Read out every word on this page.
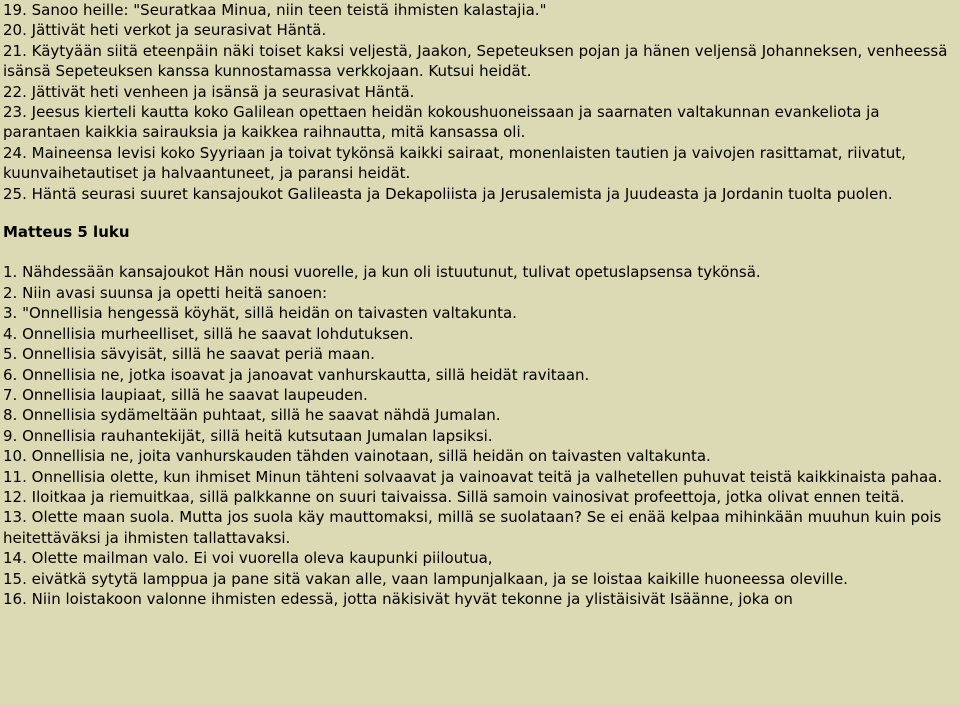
19. Sanoo heille: "Seuratkaa Minua, niin teen teistä ihmisten kalastajia."

20. Jättivät heti verkot ja seurasivat Häntä.

21. Käytyään siitä eteenpäin näki toiset kaksi veljestä, Jaakon, Sepeteuksen pojan ja hänen veljensä Johanneksen, venheessä isänsä Sepeteuksen kanssa kunnostamassa verkkojaan. Kutsui heidät.

22. Jättivät heti venheen ja isänsä ja seurasivat Häntä.

23. Jeesus kierteli kautta koko Galilean opettaen heidän kokoushuoneissaan ja saarnaten valtakunnan evankeliota ja parantaen kaikkia sairauksia ja kaikkea raihnautta, mitä kansassa oli.

24. Maineensa levisi koko Syyriaan ja toivat tykönsä kaikki sairaat, monenlaisten tautien ja vaivojen rasittamat, riivatut, kuunvaihetautiset ja halvaantuneet, ja paransi heidät.

25. Häntä seurasi suuret kansajoukot Galileasta ja Dekapoliista ja Jerusalemista ja Juudeasta ja Jordanin tuolta puolen.

Matteus 5 luku

1. Nähdessään kansajoukot Hän nousi vuorelle, ja kun oli istuutunut, tulivat opetuslapsensa tykönsä.

2. Niin avasi suunsa ja opetti heitä sanoen:

3. "Onnellisia hengessä köyhät, sillä heidän on taivasten valtakunta.

4. Onnellisia murheelliset, sillä he saavat lohdutuksen.

5. Onnellisia sävyisät, sillä he saavat periä maan.

6. Onnellisia ne, jotka isoavat ja janoavat vanhurskautta, sillä heidät ravitaan.

7. Onnellisia laupiaat, sillä he saavat laupeuden.

8. Onnellisia sydämeltään puhtaat, sillä he saavat nähdä Jumalan.

9. Onnellisia rauhantekijät, sillä heitä kutsutaan Jumalan lapsiksi.

10. Onnellisia ne, joita vanhurskauden tähden vainotaan, sillä heidän on taivasten valtakunta.

11. Onnellisia olette, kun ihmiset Minun tähteni solvaavat ja vainoavat teitä ja valhetellen puhuvat teistä kaikkinaista pahaa.

12. Iloitkaa ja riemuitkaa, sillä palkkanne on suuri taivaissa. Sillä samoin vainosivat profeettoja, jotka olivat ennen teitä.

13. Olette maan suola. Mutta jos suola käy mauttomaksi, millä se suolataan? Se ei enää kelpaa mihinkään muuhun kuin pois heitettäväksi ja ihmisten tallattavaksi.

14. Olette mailman valo. Ei voi vuorella oleva kaupunki piiloutua,

15. eivätkä sytytä lamppua ja pane sitä vakan alle, vaan lampunjalkaan, ja se loistaa kaikille huoneessa oleville.

16. Niin loistakoon valonne ihmisten edessä, jotta näkisivät hyvät tekonne ja ylistäisivät Isäänne, joka on
